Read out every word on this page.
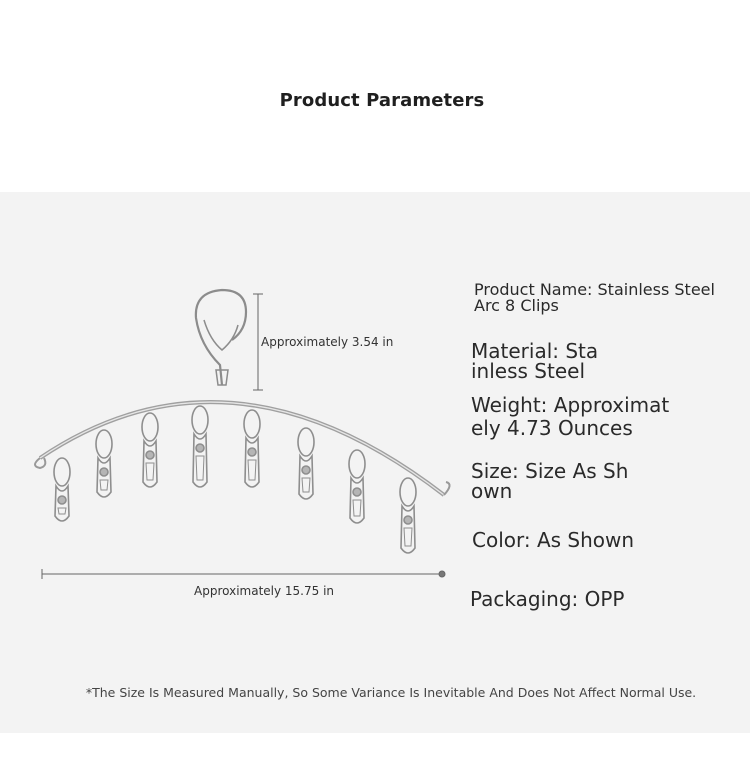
Product Parameters
Approximately 3.54 in
Approximately 15.75 in
Product Name: Stainless Steel
Arc 8 Clips
Material: Sta
inless Steel
Weight: Approximat
ely 4.73 Ounces
Size: Size As Sh
own
Color: As Shown
Packaging: OPP
*The Size Is Measured Manually, So Some Variance Is Inevitable And Does Not Affect Normal Use.
